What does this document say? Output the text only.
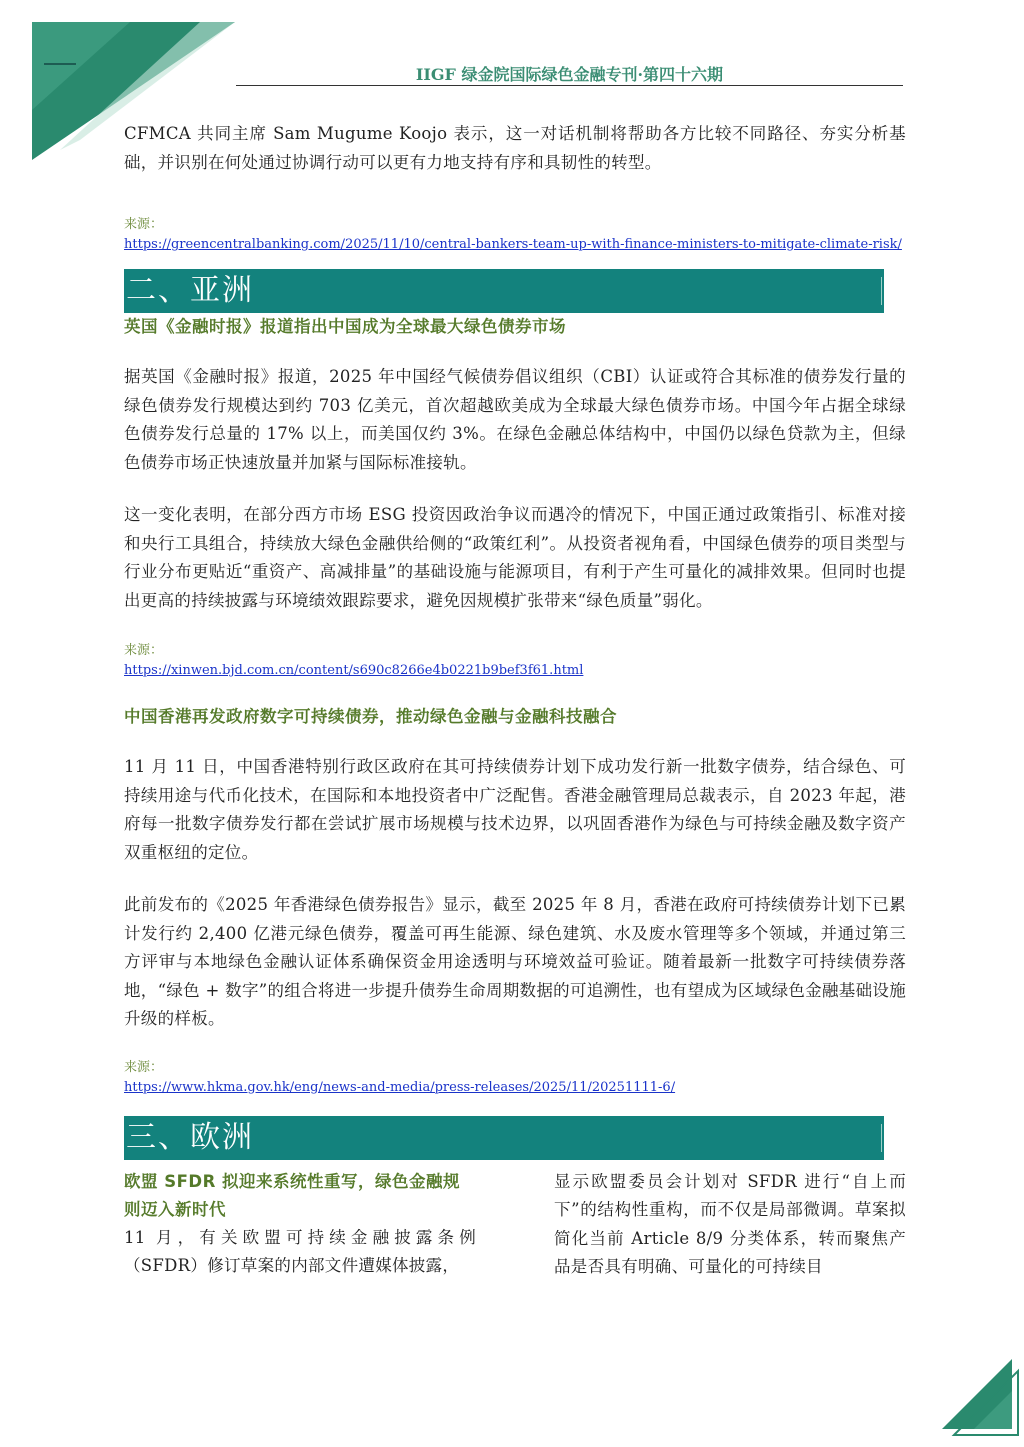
IIGF 绿金院国际绿色金融专刊·第四十六期

CFMCA 共同主席 Sam Mugume Koojo 表示，这一对话机制将帮助各方比较不同路径、夯实分析基础，并识别在何处通过协调行动可以更有力地支持有序和具韧性的转型。

来源：

https://greencentralbanking.com/2025/11/10/central-bankers-team-up-with-finance-ministers-to-mitigate-climate-risk/

二、亚洲

英国《金融时报》报道指出中国成为全球最大绿色债券市场

据英国《金融时报》报道，2025 年中国经气候债券倡议组织（CBI）认证或符合其标准的债券发行量的绿色债券发行规模达到约 703 亿美元，首次超越欧美成为全球最大绿色债券市场。中国今年占据全球绿色债券发行总量的 17% 以上，而美国仅约 3%。在绿色金融总体结构中，中国仍以绿色贷款为主，但绿色债券市场正快速放量并加紧与国际标准接轨。

这一变化表明，在部分西方市场 ESG 投资因政治争议而遇冷的情况下，中国正通过政策指引、标准对接和央行工具组合，持续放大绿色金融供给侧的“政策红利”。从投资者视角看，中国绿色债券的项目类型与行业分布更贴近“重资产、高减排量”的基础设施与能源项目，有利于产生可量化的减排效果。但同时也提出更高的持续披露与环境绩效跟踪要求，避免因规模扩张带来“绿色质量”弱化。

来源：

https://xinwen.bjd.com.cn/content/s690c8266e4b0221b9bef3f61.html

中国香港再发政府数字可持续债券，推动绿色金融与金融科技融合

11 月 11 日，中国香港特别行政区政府在其可持续债券计划下成功发行新一批数字债券，结合绿色、可持续用途与代币化技术，在国际和本地投资者中广泛配售。香港金融管理局总裁表示，自 2023 年起，港府每一批数字债券发行都在尝试扩展市场规模与技术边界，以巩固香港作为绿色与可持续金融及数字资产双重枢纽的定位。

此前发布的《2025 年香港绿色债券报告》显示，截至 2025 年 8 月，香港在政府可持续债券计划下已累计发行约 2,400 亿港元绿色债券，覆盖可再生能源、绿色建筑、水及废水管理等多个领域，并通过第三方评审与本地绿色金融认证体系确保资金用途透明与环境效益可验证。随着最新一批数字可持续债券落地，“绿色 + 数字”的组合将进一步提升债券生命周期数据的可追溯性，也有望成为区域绿色金融基础设施升级的样板。

来源：

https://www.hkma.gov.hk/eng/news-and-media/press-releases/2025/11/20251111-6/

三、欧洲

欧盟 SFDR 拟迎来系统性重写，绿色金融规则迈入新时代

11 月，有关欧盟可持续金融披露条例（SFDR）修订草案的内部文件遭媒体披露，

显示欧盟委员会计划对 SFDR 进行“自上而下”的结构性重构，而不仅是局部微调。草案拟简化当前 Article 8/9 分类体系，转而聚焦产品是否具有明确、可量化的可持续目
